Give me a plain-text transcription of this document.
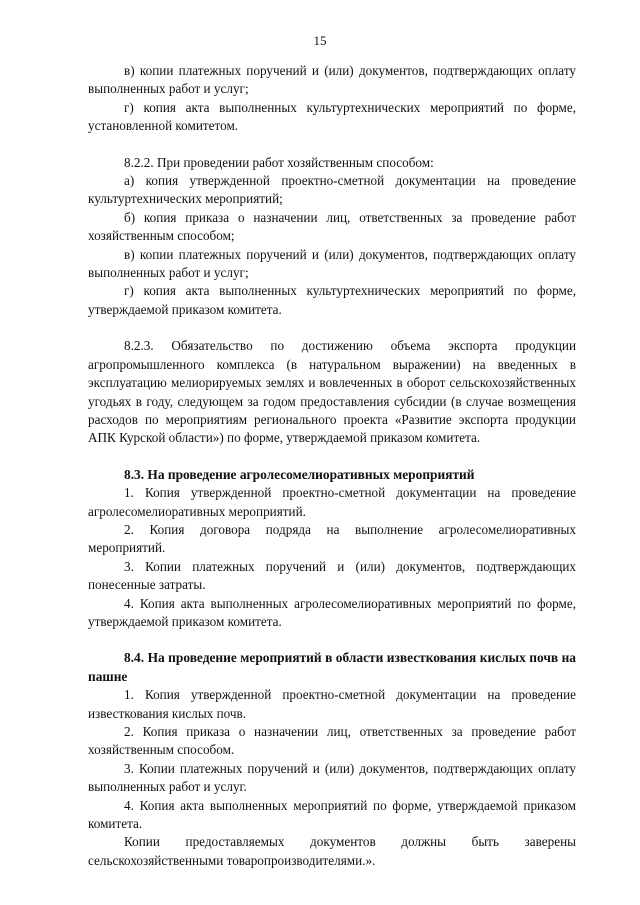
15

в) копии платежных поручений и (или) документов, подтверждающих оплату выполненных работ и услуг;

г) копия акта выполненных культуртехнических мероприятий по форме, установленной комитетом.

8.2.2. При проведении работ хозяйственным способом:

а) копия утвержденной проектно-сметной документации на проведение культуртехнических мероприятий;

б) копия приказа о назначении лиц, ответственных за проведение работ хозяйственным способом;

в) копии платежных поручений и (или) документов, подтверждающих оплату выполненных работ и услуг;

г) копия акта выполненных культуртехнических мероприятий по форме, утверждаемой приказом комитета.

8.2.3. Обязательство по достижению объема экспорта продукции агропромышленного комплекса (в натуральном выражении) на введенных в эксплуатацию мелиорируемых землях и вовлеченных в оборот сельскохозяйственных угодьях в году, следующем за годом предоставления субсидии (в случае возмещения расходов по мероприятиям регионального проекта «Развитие экспорта продукции АПК Курской области») по форме, утверждаемой приказом комитета.

8.3. На проведение агролесомелиоративных мероприятий

1. Копия утвержденной проектно-сметной документации на проведение агролесомелиоративных мероприятий.

2. Копия договора подряда на выполнение агролесомелиоративных мероприятий.

3. Копии платежных поручений и (или) документов, подтверждающих понесенные затраты.

4. Копия акта выполненных агролесомелиоративных мероприятий по форме, утверждаемой приказом комитета.

8.4. На проведение мероприятий в области известкования кислых почв на пашне

1. Копия утвержденной проектно-сметной документации на проведение известкования кислых почв.

2. Копия приказа о назначении лиц, ответственных за проведение работ хозяйственным способом.

3. Копии платежных поручений и (или) документов, подтверждающих оплату выполненных работ и услуг.

4. Копия акта выполненных мероприятий по форме, утверждаемой приказом комитета.

Копии предоставляемых документов должны быть заверены сельскохозяйственными товаропроизводителями.».
